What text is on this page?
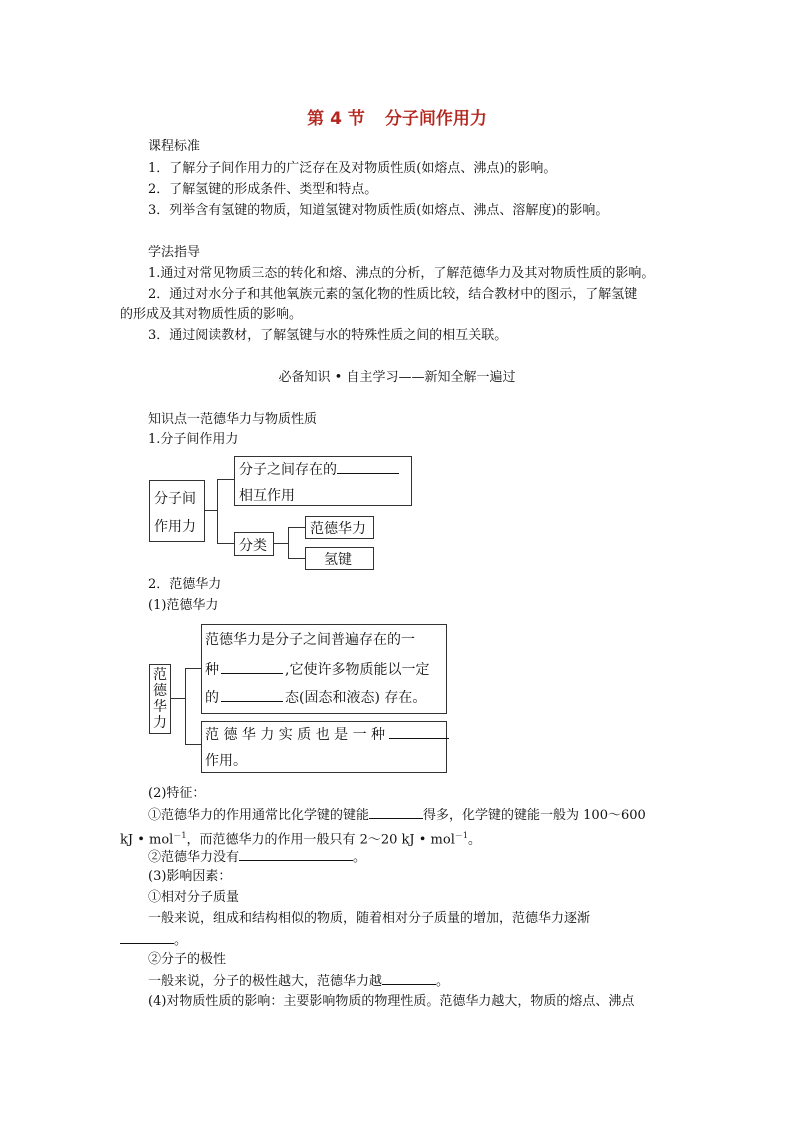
第 4 节 分子间作用力
课程标准
1．了解分子间作用力的广泛存在及对物质性质(如熔点、沸点)的影响。
2．了解氢键的形成条件、类型和特点。
3．列举含有氢键的物质，知道氢键对物质性质(如熔点、沸点、溶解度)的影响。
学法指导
1.通过对常见物质三态的转化和熔、沸点的分析，了解范德华力及其对物质性质的影响。
2．通过对水分子和其他氧族元素的氢化物的性质比较，结合教材中的图示，了解氢键
的形成及其对物质性质的影响。
3．通过阅读教材，了解氢键与水的特殊性质之间的相互关联。
必备知识 • 自主学习——新知全解一遍过
知识点一范德华力与物质性质
1.分子间作用力
分子间
作用力
分子之间存在的
相互作用
分类
范德华力
氢键
2．范德华力
(1)范德华力
范
德
华
力
范德华力是分子之间普遍存在的一
种	,它使许多物质能以一定
的	态(固态和液态) 存在。
范 德 华 力 实 质 也 是 一 种
作用。
(2)特征：
①范德华力的作用通常比化学键的键能	得多，化学键的键能一般为 100～600
kJ • mol$^{-1}$，而范德华力的作用一般只有 2～20 kJ • mol$^{-1}$。
②范德华力没有	。
(3)影响因素：
①相对分子质量
一般来说，组成和结构相似的物质，随着相对分子质量的增加，范德华力逐渐
。
②分子的极性
一般来说，分子的极性越大，范德华力越	。
(4)对物质性质的影响：主要影响物质的物理性质。范德华力越大，物质的熔点、沸点
